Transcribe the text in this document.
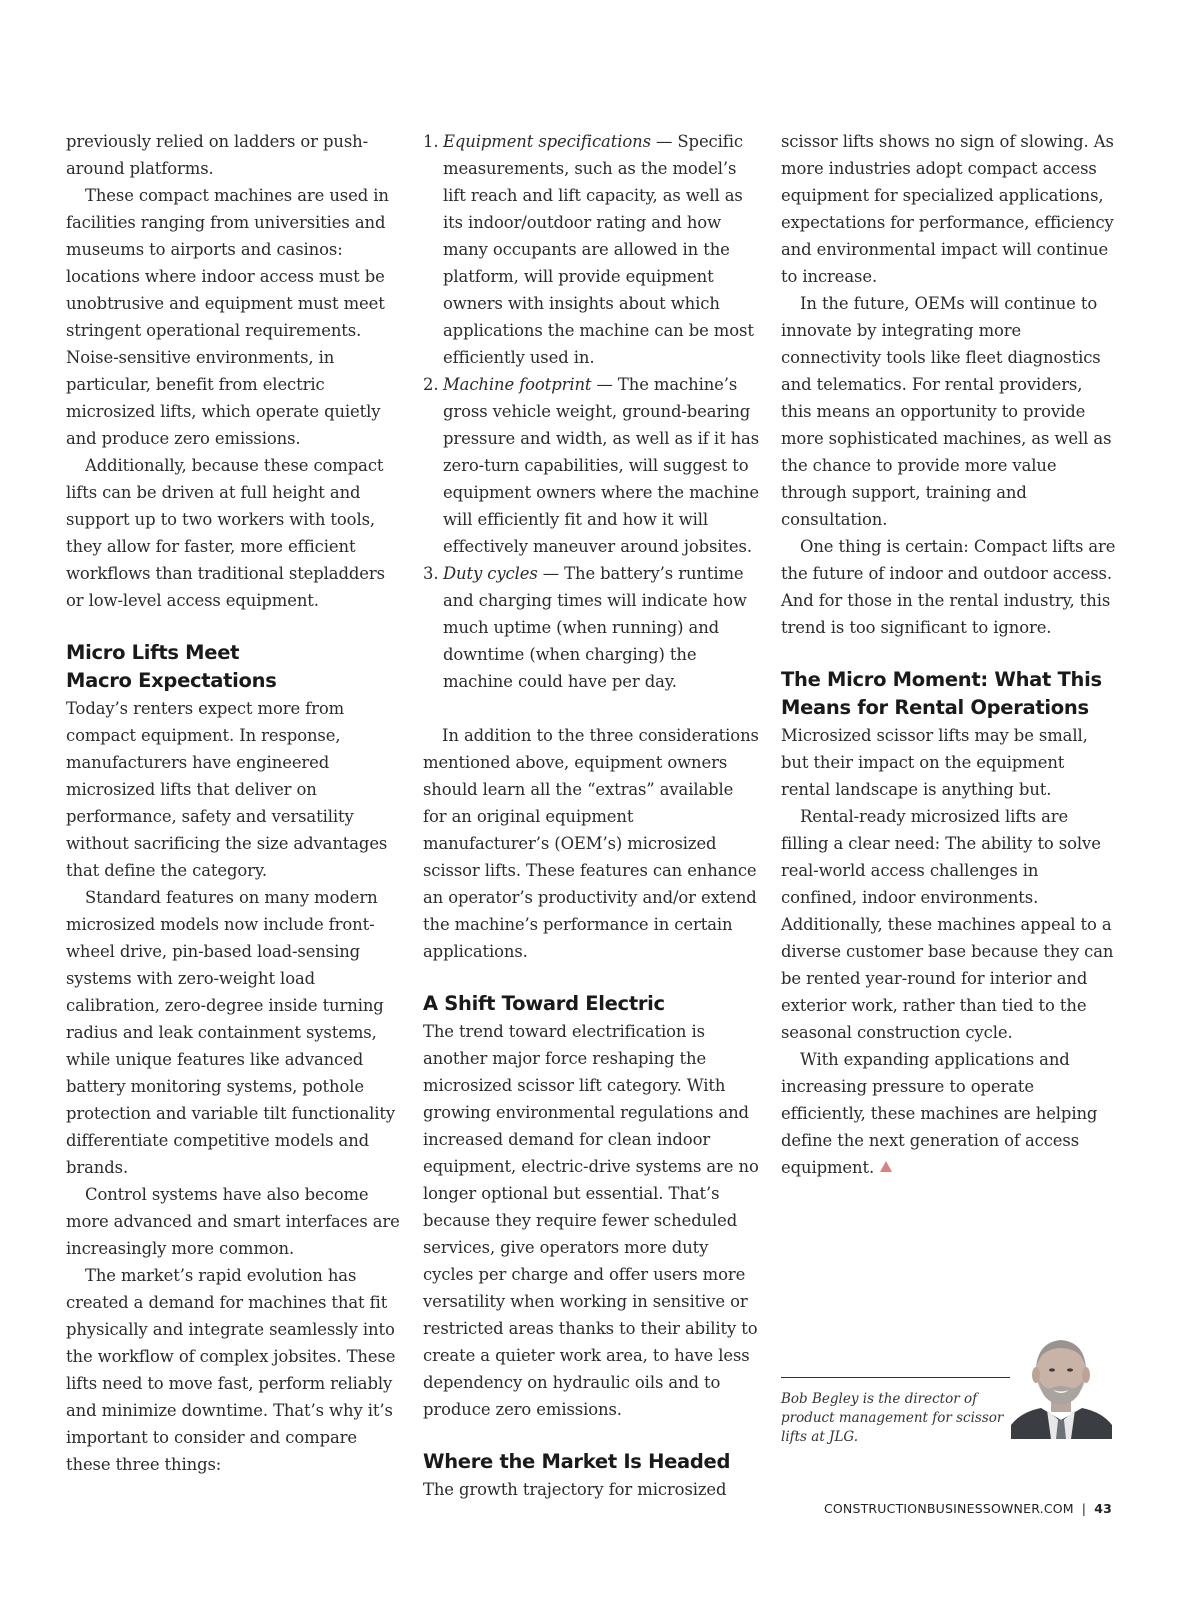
previously relied on ladders or push-around platforms.

These compact machines are used in facilities ranging from universities and museums to airports and casinos: locations where indoor access must be unobtrusive and equipment must meet stringent operational requirements. Noise-sensitive environments, in particular, benefit from electric microsized lifts, which operate quietly and produce zero emissions.

Additionally, because these compact lifts can be driven at full height and support up to two workers with tools, they allow for faster, more efficient workflows than traditional stepladders or low-level access equipment.

Micro Lifts Meet
Macro Expectations

Today’s renters expect more from compact equipment. In response, manufacturers have engineered microsized lifts that deliver on performance, safety and versatility without sacrificing the size advantages that define the category.

Standard features on many modern microsized models now include front-wheel drive, pin-based load-sensing systems with zero-weight load calibration, zero-degree inside turning radius and leak containment systems, while unique features like advanced battery monitoring systems, pothole protection and variable tilt functionality differentiate competitive models and brands.

Control systems have also become more advanced and smart interfaces are increasingly more common.

The market’s rapid evolution has created a demand for machines that fit physically and integrate seamlessly into the workflow of complex jobsites. These lifts need to move fast, perform reliably and minimize downtime. That’s why it’s important to consider and compare these three things:

1. Equipment specifications — Specific measurements, such as the model’s lift reach and lift capacity, as well as its indoor/outdoor rating and how many occupants are allowed in the platform, will provide equipment owners with insights about which applications the machine can be most efficiently used in.
2. Machine footprint — The machine’s gross vehicle weight, ground-bearing pressure and width, as well as if it has zero-turn capabilities, will suggest to equipment owners where the machine will efficiently fit and how it will effectively maneuver around jobsites.
3. Duty cycles — The battery’s runtime and charging times will indicate how much uptime (when running) and downtime (when charging) the machine could have per day.

In addition to the three considerations mentioned above, equipment owners should learn all the “extras” available for an original equipment manufacturer’s (OEM’s) microsized scissor lifts. These features can enhance an operator’s productivity and/or extend the machine’s performance in certain applications.

A Shift Toward Electric

The trend toward electrification is another major force reshaping the microsized scissor lift category. With growing environmental regulations and increased demand for clean indoor equipment, electric-drive systems are no longer optional but essential. That’s because they require fewer scheduled services, give operators more duty cycles per charge and offer users more versatility when working in sensitive or restricted areas thanks to their ability to create a quieter work area, to have less dependency on hydraulic oils and to produce zero emissions.

Where the Market Is Headed

The growth trajectory for microsized

scissor lifts shows no sign of slowing. As more industries adopt compact access equipment for specialized applications, expectations for performance, efficiency and environmental impact will continue to increase.

In the future, OEMs will continue to innovate by integrating more connectivity tools like fleet diagnostics and telematics. For rental providers, this means an opportunity to provide more sophisticated machines, as well as the chance to provide more value through support, training and consultation.

One thing is certain: Compact lifts are the future of indoor and outdoor access. And for those in the rental industry, this trend is too significant to ignore.

The Micro Moment: What This
Means for Rental Operations

Microsized scissor lifts may be small, but their impact on the equipment rental landscape is anything but.

Rental-ready microsized lifts are filling a clear need: The ability to solve real-world access challenges in confined, indoor environments. Additionally, these machines appeal to a diverse customer base because they can be rented year-round for interior and exterior work, rather than tied to the seasonal construction cycle.

With expanding applications and increasing pressure to operate efficiently, these machines are helping define the next generation of access equipment.

Bob Begley is the director of product management for scissor lifts at JLG.
CONSTRUCTIONBUSINESSOWNER.COM | 43
